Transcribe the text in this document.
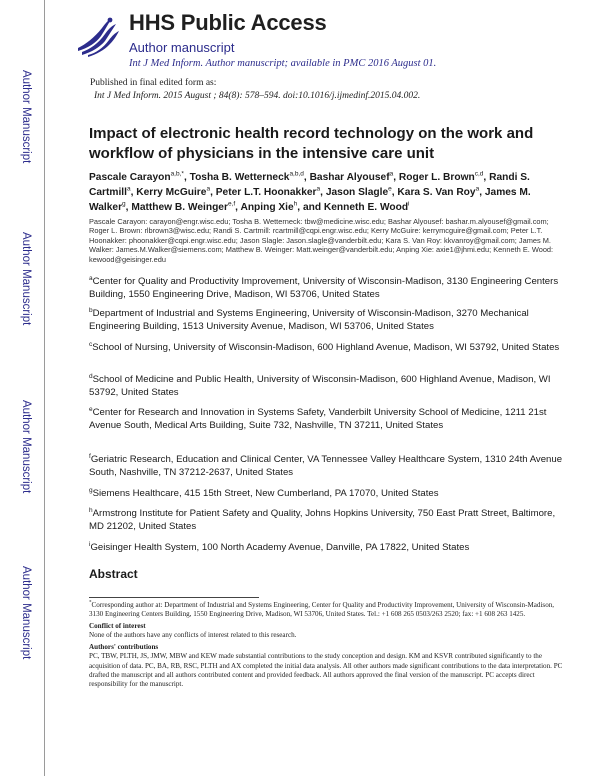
Author Manuscript
Author Manuscript
Author Manuscript
Author Manuscript
HHS Public Access
Author manuscript
Int J Med Inform. Author manuscript; available in PMC 2016 August 01.
Published in final edited form as:
Int J Med Inform. 2015 August ; 84(8): 578–594. doi:10.1016/j.ijmedinf.2015.04.002.
Impact of electronic health record technology on the work and workflow of physicians in the intensive care unit
Pascale Carayon$^{a,b,*}$, Tosha B. Wetterneck$^{a,b,d}$, Bashar Alyousef$^a$, Roger L. Brown$^{c,d}$, Randi S. Cartmill$^a$, Kerry McGuire$^a$, Peter L.T. Hoonakker$^a$, Jason Slagle$^e$, Kara S. Van Roy$^a$, James M. Walker$^g$, Matthew B. Weinger$^{e,f}$, Anping Xie$^h$, and Kenneth E. Wood$^i$
Pascale Carayon: carayon@engr.wisc.edu; Tosha B. Wetterneck: tbw@medicine.wisc.edu; Bashar Alyousef: bashar.m.alyousef@gmail.com; Roger L. Brown: rlbrown3@wisc.edu; Randi S. Cartmill: rcartmill@cqpi.engr.wisc.edu; Kerry McGuire: kerrymcguire@gmail.com; Peter L.T. Hoonakker: phoonakker@cqpi.engr.wisc.edu; Jason Slagle: Jason.slagle@vanderbilt.edu; Kara S. Van Roy: kkvanroy@gmail.com; James M. Walker: James.M.Walker@siemens.com; Matthew B. Weinger: Matt.weinger@vanderbilt.edu; Anping Xie: axie1@jhmi.edu; Kenneth E. Wood: kewood@geisinger.edu
$^a$Center for Quality and Productivity Improvement, University of Wisconsin-Madison, 3130 Engineering Centers Building, 1550 Engineering Drive, Madison, WI 53706, United States
$^b$Department of Industrial and Systems Engineering, University of Wisconsin-Madison, 3270 Mechanical Engineering Building, 1513 University Avenue, Madison, WI 53706, United States
$^c$School of Nursing, University of Wisconsin-Madison, 600 Highland Avenue, Madison, WI 53792, United States
$^d$School of Medicine and Public Health, University of Wisconsin-Madison, 600 Highland Avenue, Madison, WI 53792, United States
$^e$Center for Research and Innovation in Systems Safety, Vanderbilt University School of Medicine, 1211 21st Avenue South, Medical Arts Building, Suite 732, Nashville, TN 37211, United States
$^f$Geriatric Research, Education and Clinical Center, VA Tennessee Valley Healthcare System, 1310 24th Avenue South, Nashville, TN 37212-2637, United States
$^g$Siemens Healthcare, 415 15th Street, New Cumberland, PA 17070, United States
$^h$Armstrong Institute for Patient Safety and Quality, Johns Hopkins University, 750 East Pratt Street, Baltimore, MD 21202, United States
$^i$Geisinger Health System, 100 North Academy Avenue, Danville, PA 17822, United States
Abstract

*Corresponding author at: Department of Industrial and Systems Engineering, Center for Quality and Productivity Improvement, University of Wisconsin-Madison, 3130 Engineering Centers Building, 1550 Engineering Drive, Madison, WI 53706, United States. Tel.: +1 608 265 0503/263 2520; fax: +1 608 263 1425.

Conflict of interest

None of the authors have any conflicts of interest related to this research.

Authors' contributions

PC, TBW, PLTH, JS, JMW, MBW and KEW made substantial contributions to the study conception and design. KM and KSVR contributed significantly to the acquisition of data. PC, BA, RB, RSC, PLTH and AX completed the initial data analysis. All other authors made significant contributions to the data interpretation. PC drafted the manuscript and all authors contributed content and provided feedback. All authors approved the final version of the manuscript. PC accepts direct responsibility for the manuscript.
